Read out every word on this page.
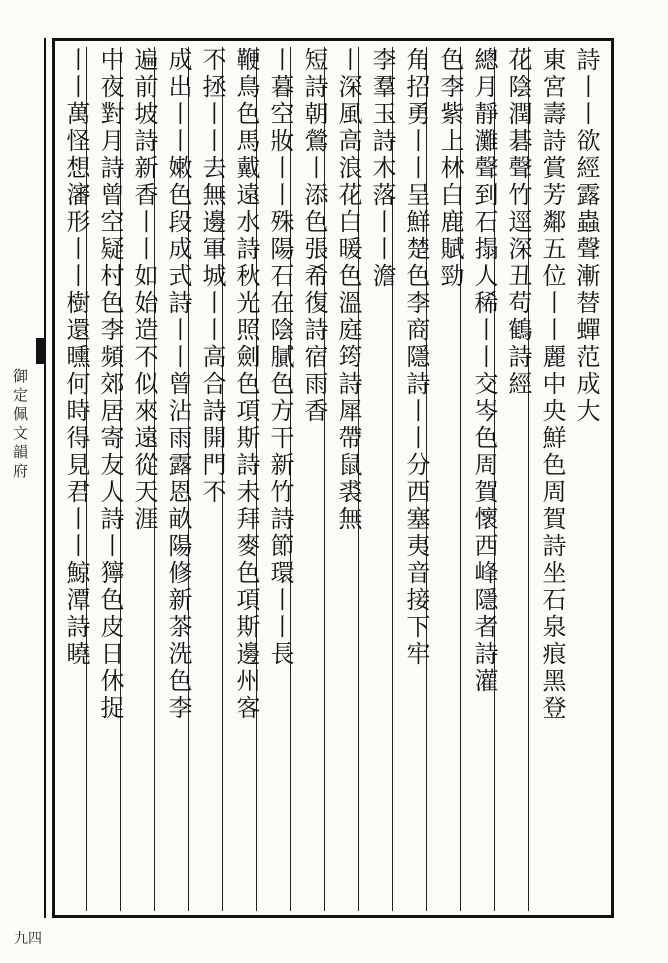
御定佩文韻府
九四
詩丨丨欲經露蟲聲漸替蟬范成大
東宮壽詩賞芳鄰五位丨丨麗中央鮮色周賀詩坐石泉痕黑登
花陰潤碁聲竹逕深丑苟鶴詩經
總月靜灘聲到石搨人稀丨丨交岑色周賀懷西峰隱者詩灌
色李紫上林白鹿賦勁
角招勇丨丨呈鮮楚色李商隱詩丨丨分西塞夷音接下牢
李羣玉詩木落丨丨澹
丨深風高浪花白暖色溫庭筠詩犀帶鼠裘無
短詩朝鶯丨添色張希復詩宿雨香
丨暮空妝丨丨殊陽石在陰膩色方干新竹詩節環丨丨長
鞭鳥色馬戴遠水詩秋光照劍色項斯詩未拜麥色項斯邊州客
不拯丨丨去無邊軍城丨丨高合詩開門不
成出丨丨嫩色段成式詩丨丨曾沾雨露恩畝陽修新茶洗色李
遍前坡詩新香丨丨如始造不似來遠從天涯
中夜對月詩曾空疑村色李頻郊居寄友人詩丨獰色皮日休捉
丨丨萬怪想瀋形丨丨樹還曛何時得見君丨丨鯨潭詩曉
